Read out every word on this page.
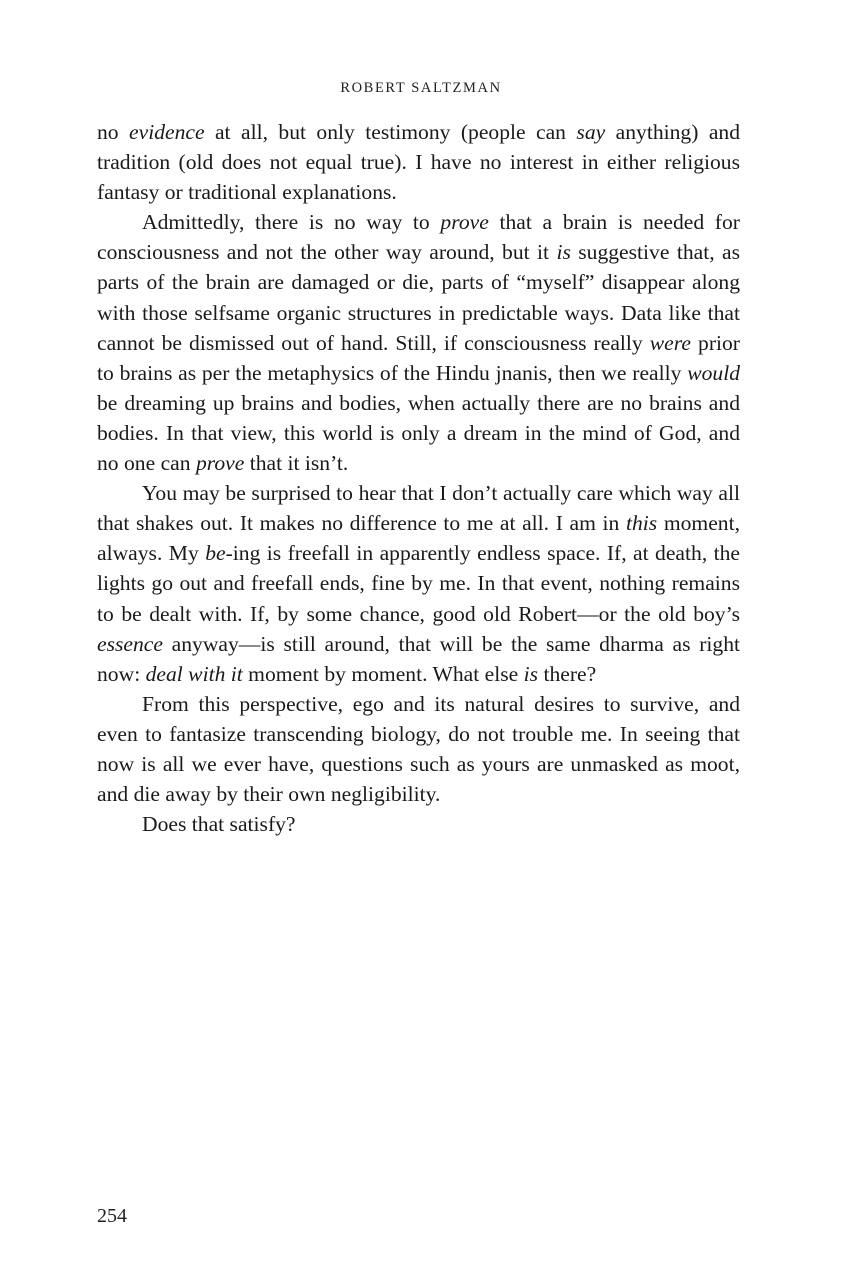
ROBERT SALTZMAN

no evidence at all, but only testimony (people can say anything) and tradition (old does not equal true). I have no interest in either religious fantasy or traditional explanations.

Admittedly, there is no way to prove that a brain is needed for consciousness and not the other way around, but it is suggestive that, as parts of the brain are damaged or die, parts of “myself” disappear along with those selfsame organic structures in predictable ways. Data like that cannot be dismissed out of hand. Still, if consciousness really were prior to brains as per the metaphysics of the Hindu jnanis, then we really would be dreaming up brains and bodies, when actually there are no brains and bodies. In that view, this world is only a dream in the mind of God, and no one can prove that it isn’t.

You may be surprised to hear that I don’t actually care which way all that shakes out. It makes no difference to me at all. I am in this moment, always. My be-ing is freefall in apparently endless space. If, at death, the lights go out and freefall ends, fine by me. In that event, nothing remains to be dealt with. If, by some chance, good old Robert—or the old boy’s essence anyway—is still around, that will be the same dharma as right now: deal with it moment by moment. What else is there?

From this perspective, ego and its natural desires to survive, and even to fantasize transcending biology, do not trouble me. In seeing that now is all we ever have, questions such as yours are unmasked as moot, and die away by their own negligibility.

Does that satisfy?

254
